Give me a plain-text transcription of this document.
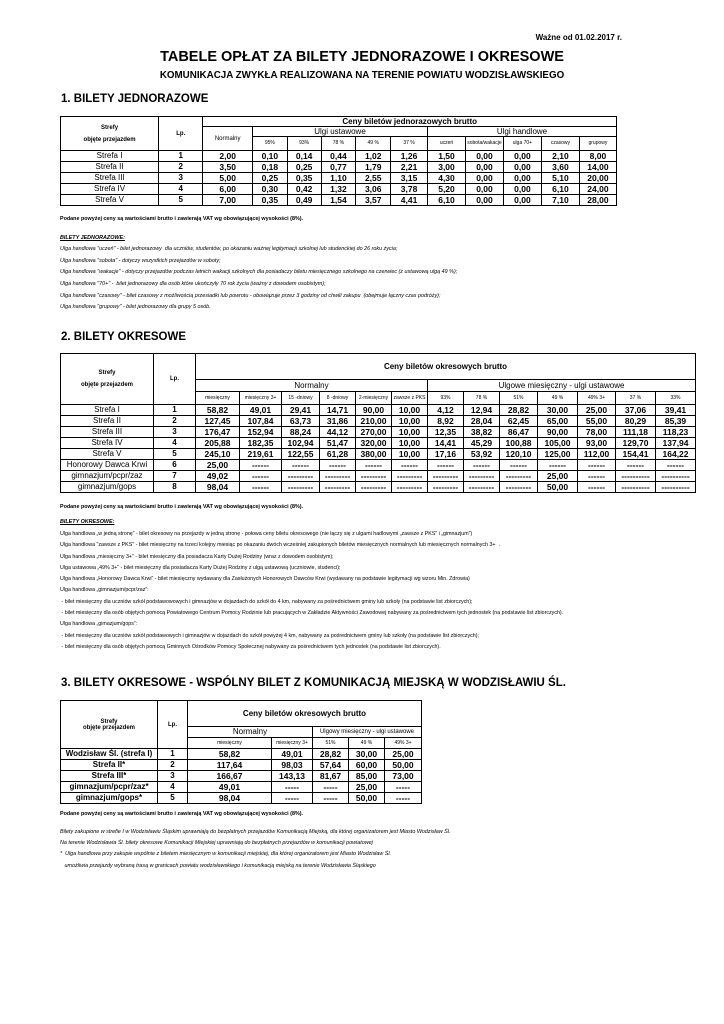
Ważne od 01.02.2017 r.
TABELE OPŁAT ZA BILETY JEDNORAZOWE I OKRESOWE
KOMUNIKACJA ZWYKŁA REALIZOWANA NA TERENIE POWIATU WODZISŁAWSKIEGO
1. BILETY JEDNORAZOWE
Strefy

objęte przejazdem	Lp.	Ceny biletów jednorazowych brutto										
		Normalny	Ulgi ustawowe					Ulgi handlowe				
			95%	93%	78 %	49 %	37 %	uczeń	sobota/wakacje	ulga 70+	czasowy	grupowy
Strefa I	1	2,00	0,10	0,14	0,44	1,02	1,26	1,50	0,00	0,00	2,10	8,00
Strefa II	2	3,50	0,18	0,25	0,77	1,79	2,21	3,00	0,00	0,00	3,60	14,00
Strefa III	3	5,00	0,25	0,35	1,10	2,55	3,15	4,30	0,00	0,00	5,10	20,00
Strefa IV	4	6,00	0,30	0,42	1,32	3,06	3,78	5,20	0,00	0,00	6,10	24,00
Strefa V	5	7,00	0,35	0,49	1,54	3,57	4,41	6,10	0,00	0,00	7,10	28,00
Podane powyżej ceny są wartościami brutto i zawierają VAT wg obowiązującej wysokości (8%).
BILETY JEDNORAZOWE:
Ulga handlowa "uczeń" - bilet jednorazowy  dla uczniów, studentów, po okazaniu ważnej legitymacji szkolnej lub studenckiej do 26 roku życia;
Ulga handlowa "sobota" - dotyczy wszystkich przejazdów w soboty;
Ulga handlowa "wakacje" - dotyczy przejazdów podczas letnich wakacji szkolnych dla posiadaczy biletu miesięcznego szkolnego na czerwiec (z ustawową ulgą 49 %);
Ulga handlowa "70+" -  bilet jednorazowy dla osób które ukończyły 70 rok życia (ważny z dowodem osobistym);
Ulga handlowa "czasowy" - bilet czasowy z możliwością przesiadki lub powrotu - obowiązuje przez 3 godziny od chwili zakupu  (obejmuje łączny czas podróży);
Ulga handlowa "grupowy" - bilet jednorazowy dla grupy 5 osób.
2. BILETY OKRESOWE
Strefy

objęte przejazdem	Lp.	Ceny biletów okresowych brutto												
		Normalny						Ulgowe miesięczny - ulgi ustawowe						
		miesięczny	miesięczny 3+	15 -dniowy	8 -dniowy	2-miesięczny	zawsze z PKS	93%	78 %	51%	49 %	49% 3+	37 %	33%
Strefa I	1	58,82	49,01	29,41	14,71	90,00	10,00	4,12	12,94	28,82	30,00	25,00	37,06	39,41
Strefa II	2	127,45	107,84	63,73	31,86	210,00	10,00	8,92	28,04	62,45	65,00	55,00	80,29	85,39
Strefa III	3	176,47	152,94	88,24	44,12	270,00	10,00	12,35	38,82	86,47	90,00	78,00	111,18	118,23
Strefa IV	4	205,88	182,35	102,94	51,47	320,00	10,00	14,41	45,29	100,88	105,00	93,00	129,70	137,94
Strefa V	5	245,10	219,61	122,55	61,28	380,00	10,00	17,16	53,92	120,10	125,00	112,00	154,41	164,22
Honorowy Dawca Krwi	6	25,00	------	------	------	------	------	------	------	------	------	------	------	------
gimnazjum/pcpr/zaz	7	49,02	------	---------	---------	---------	---------	---------	---------	---------	25,00	------	----------	----------
gimnazjum/gops	8	98,04	------	---------	---------	---------	---------	---------	---------	---------	50,00	------	----------	----------
Podane powyżej ceny są wartościami brutto i zawierają VAT wg obowiązującej wysokości (8%).
BILETY OKRESOWE:
Ulga handlowa „w jedną stronę” - bilet okresowy na przejazdy w jedną stronę - połowa ceny biletu okresowego (nie łączy się z ulgami hadlowymi „zawsze z PKS” i „gimnazjum”)
Ulga handlowa "zawsze z PKS" - bilet miesięczny na trzeci kolejny miesiąc po okazaniu dwóch wcześniej zakupionych biletów miesięcznych normalnych lub miesięcznych normalnych 3+  .
Ulga handlowa „miesięczny 3+” - bilet miesięczny dla posiadacza Karty Dużej Rodziny (wraz z dowodem osobistym);
Ulga ustawowa „49% 3+” - bilet miesięczny dla posiadacza Karty Dużej Rodziny z ulgą ustawową (uczniowie, studenci);
Ulga handlowa „Honorowy Dawca Krwi” - bilet miesięczny wydawany dla Zasłużonych Honorowych Dawców Krwi (wydawany na podstawie legitymacji wg wzoru Min. Zdrowia)
Ulga handlowa „gimnazjum/pcpr/zaz”:
- bilet miesięczny dla uczniów szkół podstawowowych i gimnazjów w dojazdach do szkół do 4 km, nabywany za pośrednictwem gminy lub szkoły (na podstawie list zbiorczych);
- bilet miesięczny dla osób objętych pomocą Powiatowego Centrum Pomocy Rodzinie lub pracujących w Zakładzie Aktywności Zawodowej nabywany za pośrednictwem tych jednostek (na podstawie list zbiorczych).
Ulga handlowa „gimazjum/gops”:
- bilet miesięczny dla uczniów szkół podstawowych i gimnazjów w dojazdach do szkół powyżej 4 km, nabywany za pośrednictwem gminy lub szkoły (na podstawie list zbiorczych);
- bilet miesięczny dla osób objętych pomocą Gminnych Ośrodków Pomocy Społecznej nabywany za pośrednictwem tych jednostek (na podstawie list zbiorczych).
3. BILETY OKRESOWE - WSPÓLNY BILET Z KOMUNIKACJĄ MIEJSKĄ W WODZISŁAWIU ŚL.
Strefy
objęte przejazdem	Lp.	Ceny biletów okresowych brutto				
		Normalny		Ulgowy miesięczny - ulgi ustawowe		
		miesięczny	miesięczny 3+	51%	49 %	49% 3+
Wodzisław Śl. (strefa I)	1	58,82	49,01	28,82	30,00	25,00
Strefa II*	2	117,64	98,03	57,64	60,00	50,00
Strefa III*	3	166,67	143,13	81,67	85,00	73,00
gimnazjum/pcpr/zaz*	4	49,01	-----	-----	25,00	-----
gimnazjum/gops*	5	98,04	-----	-----	50,00	-----
Podane powyżej ceny są wartościami brutto i zawierają VAT wg obowiązującej wysokości (8%).
Bilety zakupione w strefie I w Wodzisławiu Śląskim uprawniają do bezpłatnych przejazdów Komunikacją Miejską, dla której organizatorem jest Miasto Wodzisław Śl.
Na terenie Wodzisławia Śl. bilety okresowe Komunikacji Miejskiej uprawniają do bezpłatnych przejazdów w komunikacji powiatowej
*  Ulga handlowa przy zakupie wspólnie z biletem miesięcznym w komunikacji miejskiej, dla której organizatorem jest Miasto Wodzisław Śl.
umożliwia przejazdy wybraną trasą w granicach powiatu wodzisławskiego i komunikacją miejską na terenie Wodzisławia Śląskiego
